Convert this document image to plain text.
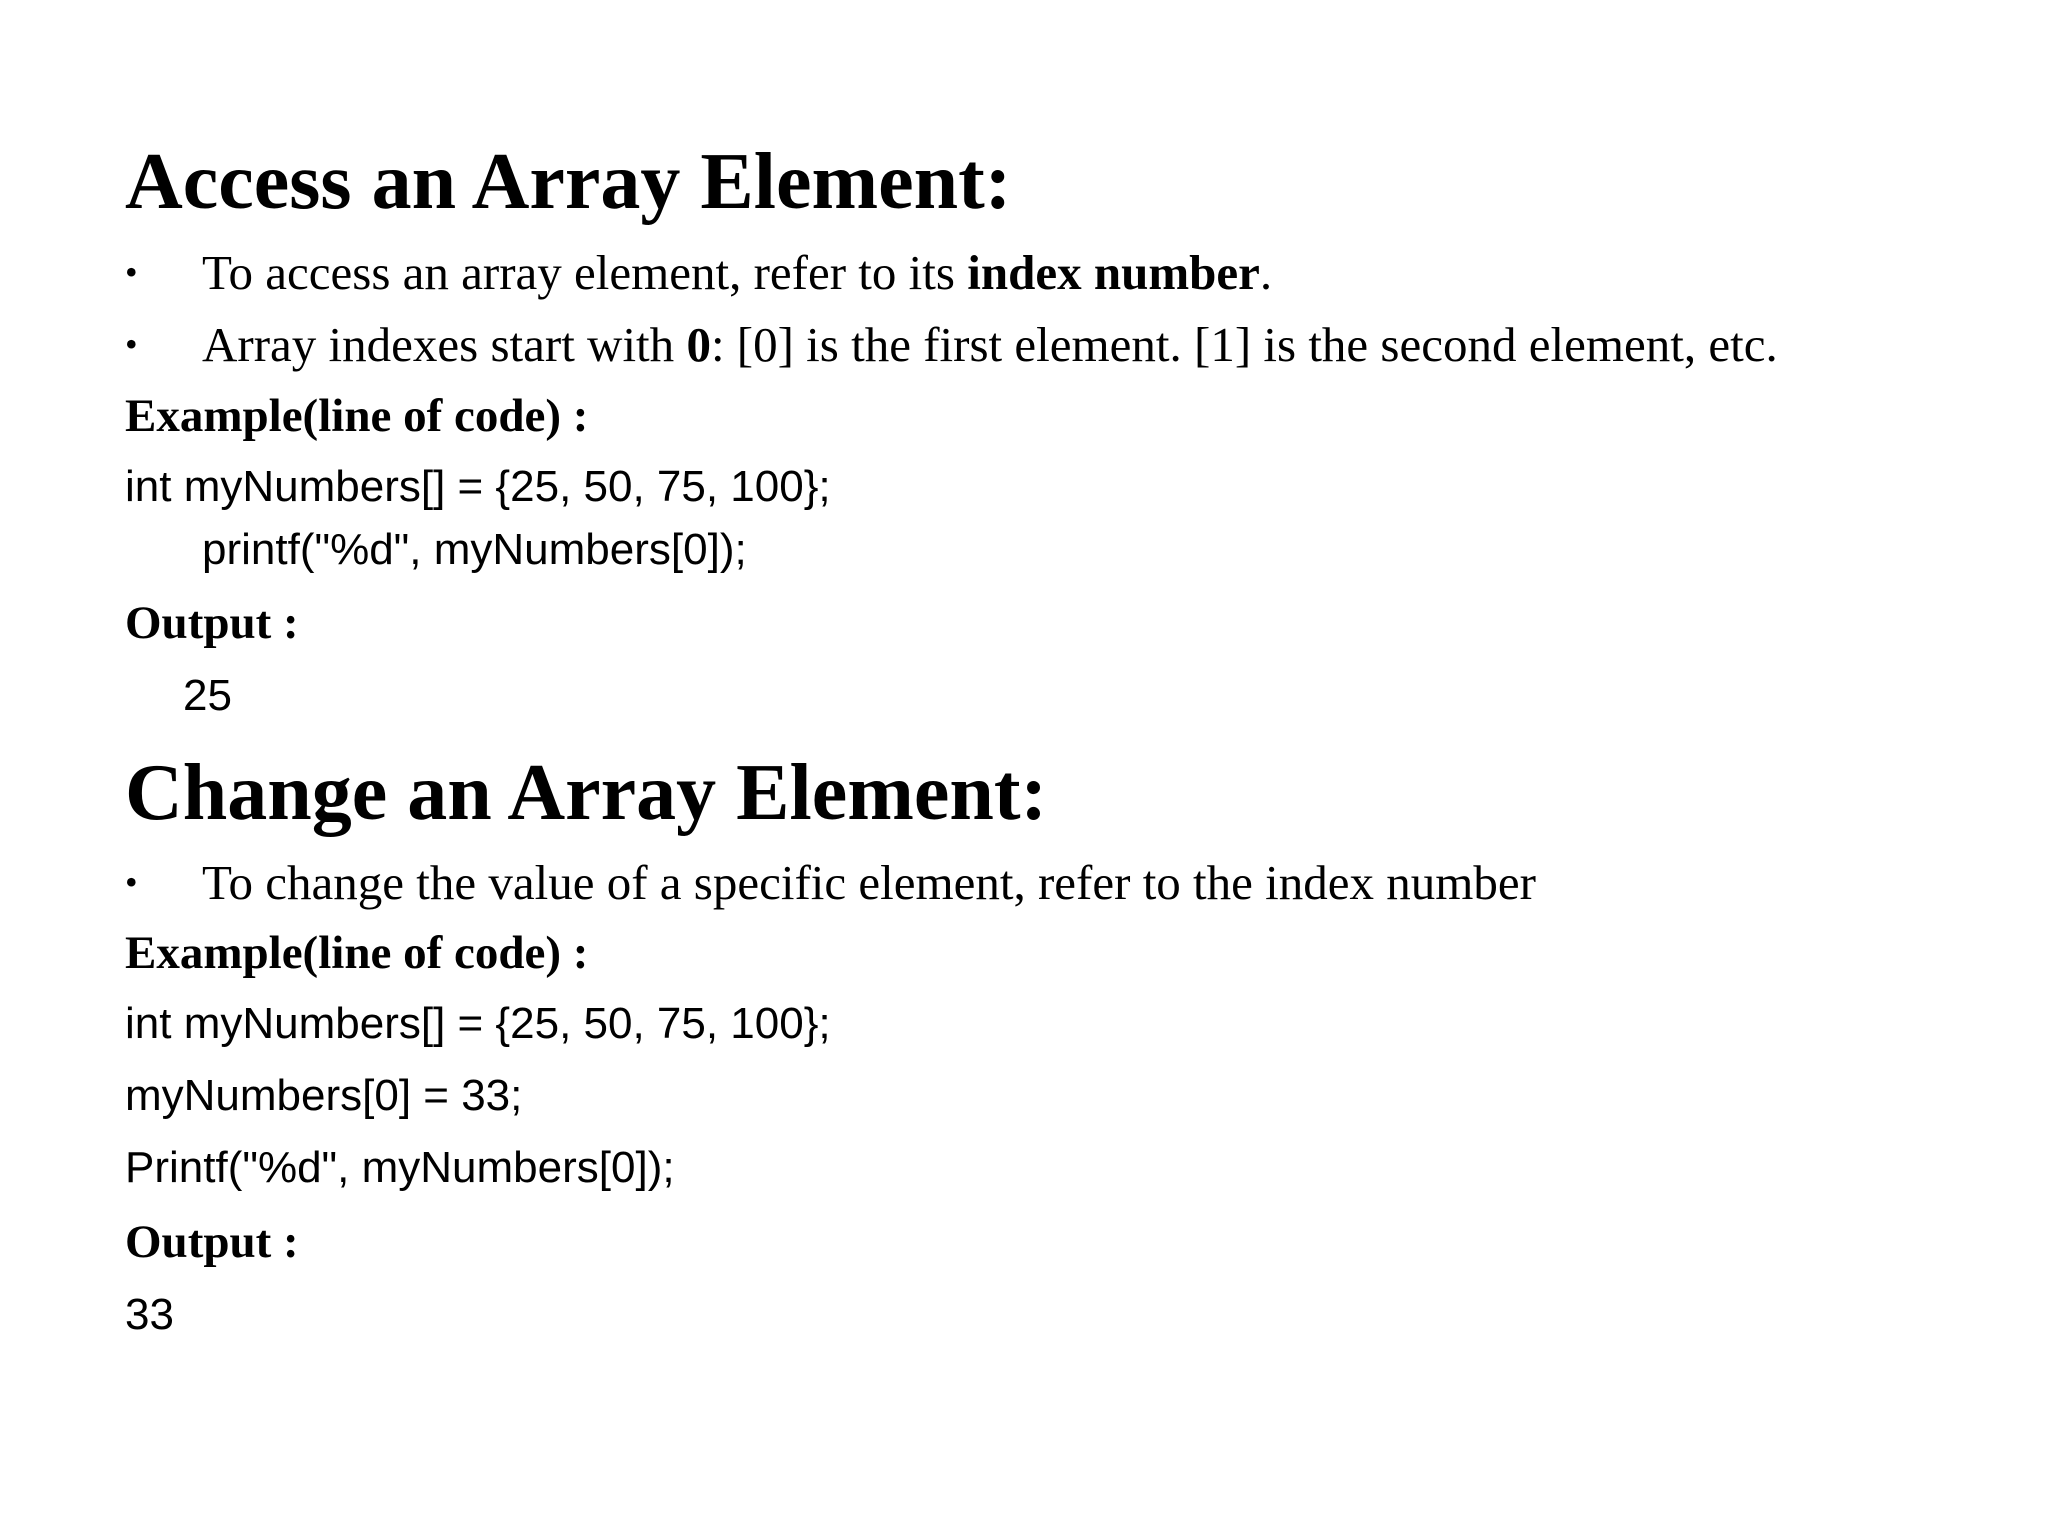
Access an Array Element:
• To access an array element, refer to its index number.
• Array indexes start with 0: [0] is the first element. [1] is the second element, etc.
Example(line of code) :
int myNumbers[] = {25, 50, 75, 100};
printf("%d", myNumbers[0]);
Output :
25
Change an Array Element:
• To change the value of a specific element, refer to the index number
Example(line of code) :
int myNumbers[] = {25, 50, 75, 100};
myNumbers[0] = 33;
Printf("%d", myNumbers[0]);
Output :
33
